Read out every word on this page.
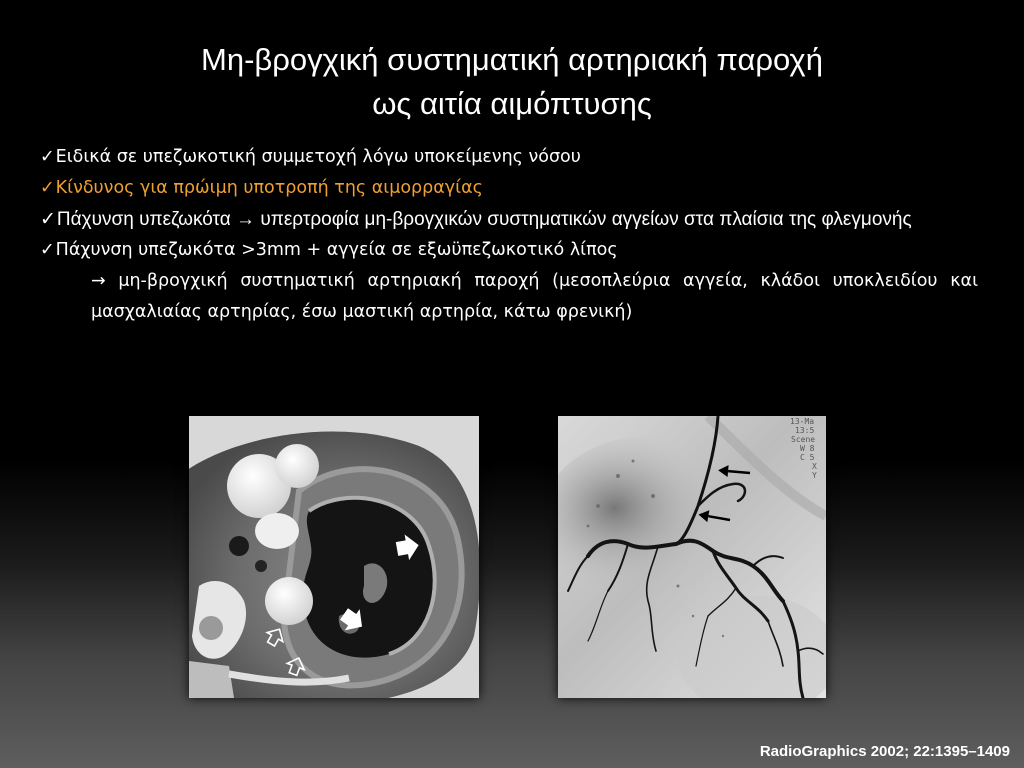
Μη-βρογχική συστηματική αρτηριακή παροχή
ως αιτία αιμόπτυσης
✓Ειδικά σε υπεζωκοτική συμμετοχή λόγω υποκείμενης νόσου
✓Κίνδυνος για πρώιμη υποτροπή της αιμορραγίας
✓Πάχυνση υπεζωκότα → υπερτροφία μη-βρογχικών συστηματικών αγγείων στα πλαίσια της φλεγμονής
✓Πάχυνση υπεζωκότα >3mm + αγγεία σε εξωϋπεζωκοτικό λίπος
→ μη-βρογχική συστηματική αρτηριακή παροχή (μεσοπλεύρια αγγεία, κλάδοι υποκλειδίου και μασχαλιαίας αρτηρίας, έσω μαστική αρτηρία, κάτω φρενική)
13-Ma
13:5
Scene
W 8
C 5
X
Y
RadioGraphics 2002; 22:1395–1409
